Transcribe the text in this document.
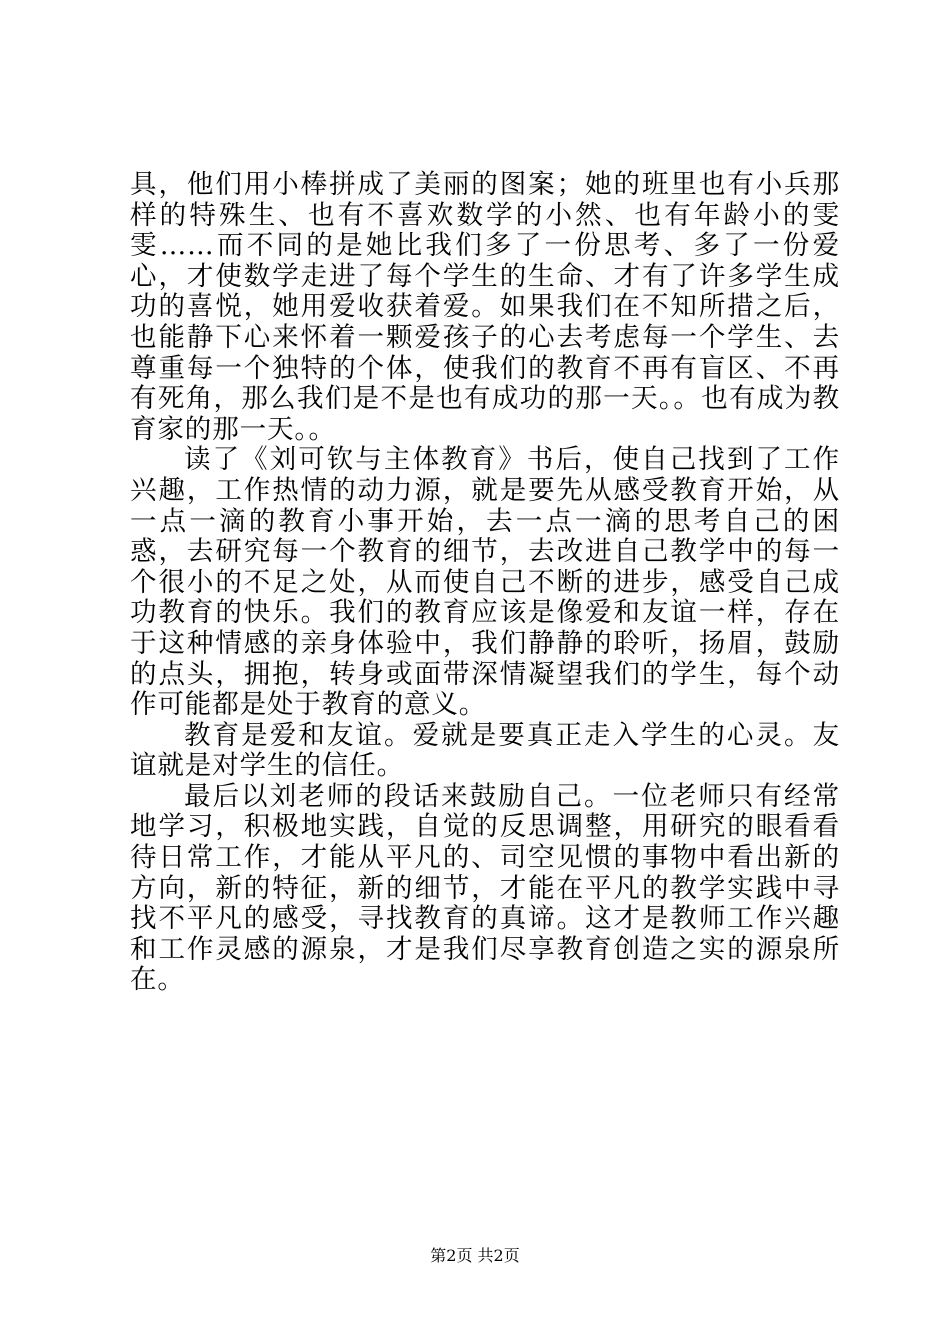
具，他们用小棒拼成了美丽的图案；她的班里也有小兵那样的特殊生、也有不喜欢数学的小然、也有年龄小的雯雯……而不同的是她比我们多了一份思考、多了一份爱心，才使数学走进了每个学生的生命、才有了许多学生成功的喜悦，她用爱收获着爱。如果我们在不知所措之后，也能静下心来怀着一颗爱孩子的心去考虑每一个学生、去尊重每一个独特的个体，使我们的教育不再有盲区、不再有死角，那么我们是不是也有成功的那一天。。也有成为教育家的那一天。。

读了《刘可钦与主体教育》书后，使自己找到了工作兴趣，工作热情的动力源，就是要先从感受教育开始，从一点一滴的教育小事开始，去一点一滴的思考自己的困惑，去研究每一个教育的细节，去改进自己教学中的每一个很小的不足之处，从而使自己不断的进步，感受自己成功教育的快乐。我们的教育应该是像爱和友谊一样，存在于这种情感的亲身体验中，我们静静的聆听，扬眉，鼓励的点头，拥抱，转身或面带深情凝望我们的学生，每个动作可能都是处于教育的意义。

教育是爱和友谊。爱就是要真正走入学生的心灵。友谊就是对学生的信任。

最后以刘老师的段话来鼓励自己。一位老师只有经常地学习，积极地实践，自觉的反思调整，用研究的眼看看待日常工作，才能从平凡的、司空见惯的事物中看出新的方向，新的特征，新的细节，才能在平凡的教学实践中寻找不平凡的感受，寻找教育的真谛。这才是教师工作兴趣和工作灵感的源泉，才是我们尽享教育创造之实的源泉所在。

第2页 共2页
